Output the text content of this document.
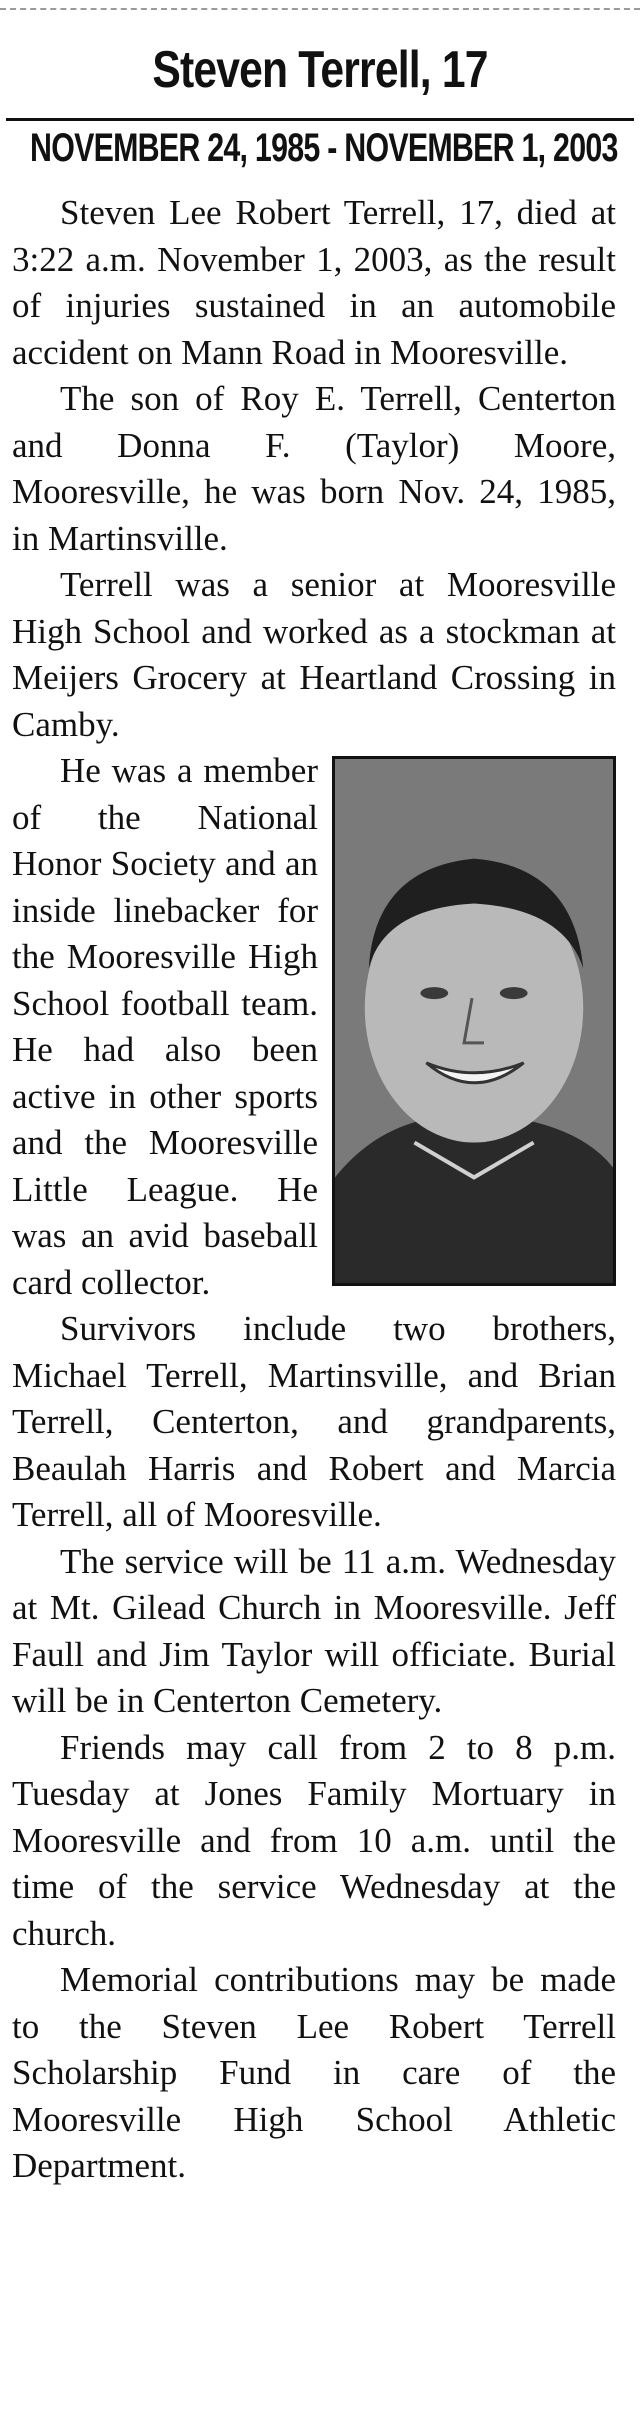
Steven Terrell, 17
NOVEMBER 24, 1985 - NOVEMBER 1, 2003

Steven Lee Robert Terrell, 17, died at 3:22 a.m. November 1, 2003, as the result of injuries sustained in an automobile accident on Mann Road in Mooresville.

The son of Roy E. Terrell, Centerton and Donna F. (Taylor) Moore, Mooresville, he was born Nov. 24, 1985, in Martinsville.

Terrell was a senior at Mooresville High School and worked as a stockman at Meijers Grocery at Heartland Crossing in Camby.

He was a member of the National Honor Society and an inside linebacker for the Mooresville High School football team. He had also been active in other sports and the Mooresville Little League. He was an avid baseball card collector.

Survivors include two brothers, Michael Terrell, Martinsville, and Brian Terrell, Centerton, and grandparents, Beaulah Harris and Robert and Marcia Terrell, all of Mooresville.

The service will be 11 a.m. Wednesday at Mt. Gilead Church in Mooresville. Jeff Faull and Jim Taylor will officiate. Burial will be in Centerton Cemetery.

Friends may call from 2 to 8 p.m. Tuesday at Jones Family Mortuary in Mooresville and from 10 a.m. until the time of the service Wednesday at the church.

Memorial contributions may be made to the Steven Lee Robert Terrell Scholarship Fund in care of the Mooresville High School Athletic Department.
